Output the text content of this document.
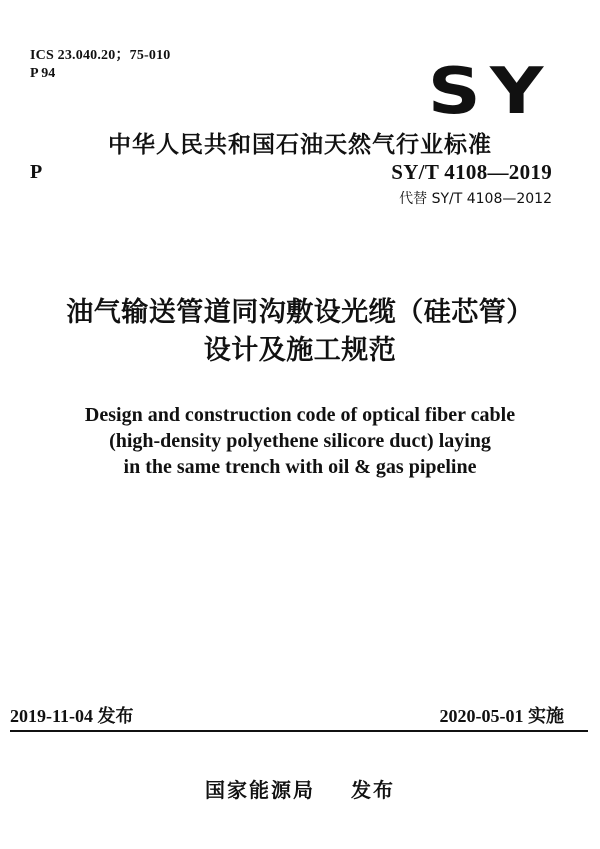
ICS 23.040.20；75-010
P 94	SY
中华人民共和国石油天然气行业标准
P	SY/T 4108—2019
代替 SY/T 4108—2012
油气输送管道同沟敷设光缆（硅芯管）
设计及施工规范
Design and construction code of optical fiber cable
(high-density polyethene silicore duct) laying
in the same trench with oil & gas pipeline
2019-11-04 发布	2020-05-01 实施
国家能源局 发布
